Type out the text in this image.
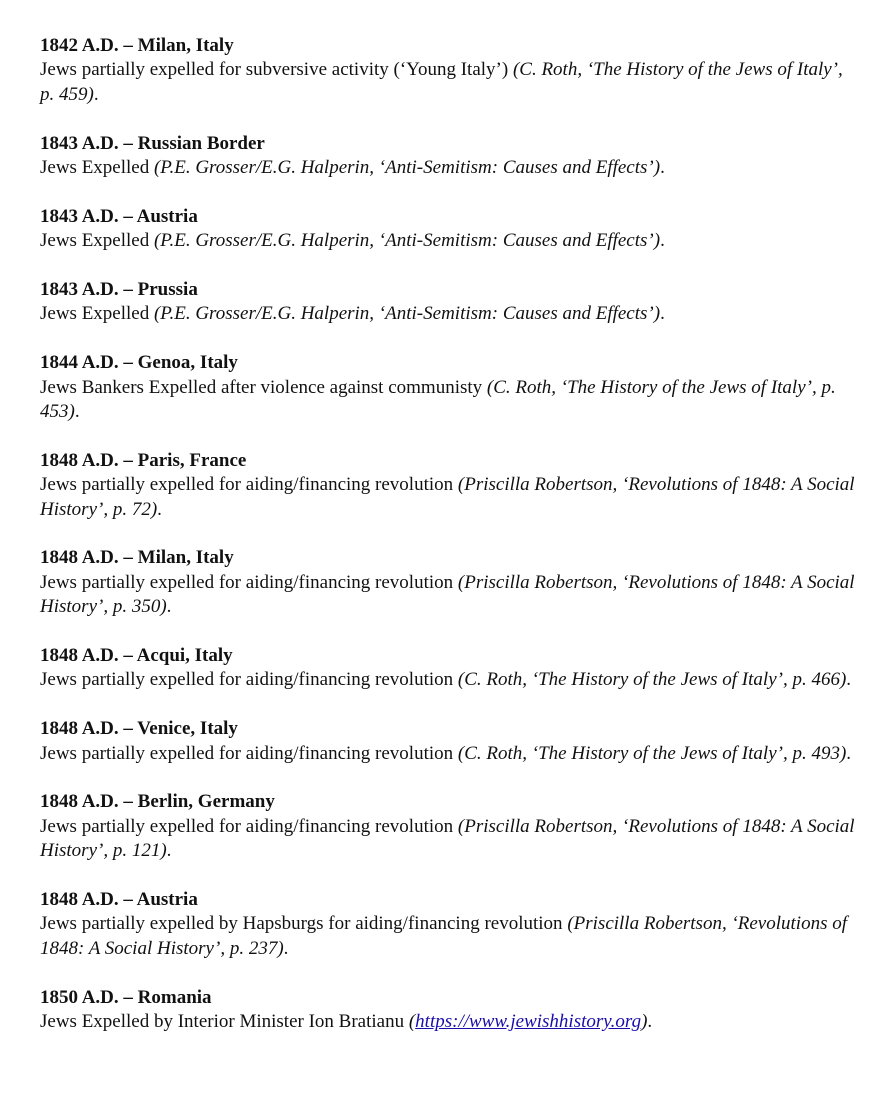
1842 A.D. – Milan, Italy
Jews partially expelled for subversive activity (‘Young Italy’) (C. Roth, ‘The History of the Jews of Italy’, p. 459).
1843 A.D. – Russian Border
Jews Expelled (P.E. Grosser/E.G. Halperin, ‘Anti-Semitism: Causes and Effects’).
1843 A.D. – Austria
Jews Expelled (P.E. Grosser/E.G. Halperin, ‘Anti-Semitism: Causes and Effects’).
1843 A.D. – Prussia
Jews Expelled (P.E. Grosser/E.G. Halperin, ‘Anti-Semitism: Causes and Effects’).
1844 A.D. – Genoa, Italy
Jews Bankers Expelled after violence against communisty (C. Roth, ‘The History of the Jews of Italy’, p. 453).
1848 A.D. – Paris, France
Jews partially expelled for aiding/financing revolution (Priscilla Robertson, ‘Revolutions of 1848: A Social History’, p. 72).
1848 A.D. – Milan, Italy
Jews partially expelled for aiding/financing revolution (Priscilla Robertson, ‘Revolutions of 1848: A Social History’, p. 350).
1848 A.D. – Acqui, Italy
Jews partially expelled for aiding/financing revolution (C. Roth, ‘The History of the Jews of Italy’, p. 466).
1848 A.D. – Venice, Italy
Jews partially expelled for aiding/financing revolution (C. Roth, ‘The History of the Jews of Italy’, p. 493).
1848 A.D. – Berlin, Germany
Jews partially expelled for aiding/financing revolution (Priscilla Robertson, ‘Revolutions of 1848: A Social History’, p. 121).
1848 A.D. – Austria
Jews partially expelled by Hapsburgs for aiding/financing revolution (Priscilla Robertson, ‘Revolutions of 1848: A Social History’, p. 237).
1850 A.D. – Romania
Jews Expelled by Interior Minister Ion Bratianu (https://www.jewishhistory.org).
